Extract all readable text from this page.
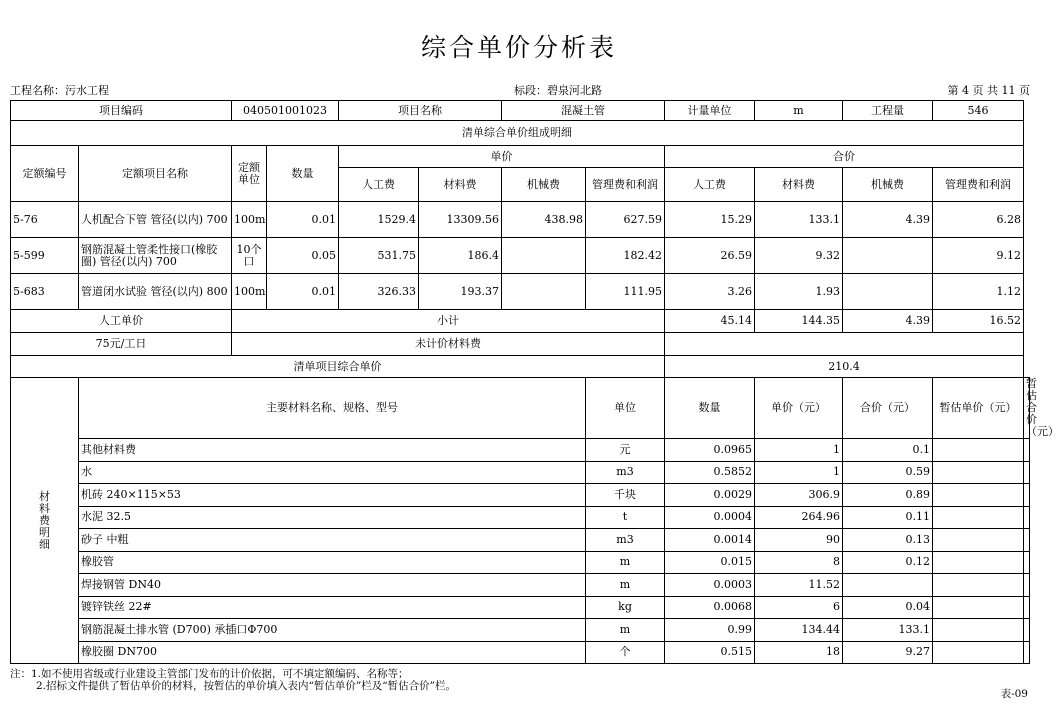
综合单价分析表
工程名称：污水工程	标段：碧泉河北路	第 4 页 共 11 页
项目编码		040501001023		项目名称		混凝土管		计量单位	m	工程量	546	
清单综合单价组成明细												
定额编号	定额项目名称	定额单位	数量	单价				合价				
				人工费	材料费	机械费	管理费和利润	人工费	材料费	机械费	管理费和利润	
5-76	人机配合下管 管径(以内) 700	100m	0.01	1529.4	13309.56	438.98	627.59	15.29	133.1	4.39	6.28	
5-599	钢筋混凝土管柔性接口(橡胶圈) 管径(以内) 700	10个口	0.05	531.75	186.4		182.42	26.59	9.32		9.12	
5-683	管道闭水试验 管径(以内) 800	100m	0.01	326.33	193.37		111.95	3.26	1.93		1.12	
人工单价		小计						45.14	144.35	4.39	16.52	
75元/工日		未计价材料费										
清单项目综合单价								210.4				

材
料
费
明
细	主要材料名称、规格、型号						单位	数量	单价（元）	合价（元）	暂估单价（元）	暂估合价（元）
	其他材料费						元	0.0965	1	0.1		
	水						m3	0.5852	1	0.59		
	机砖 240×115×53						千块	0.0029	306.9	0.89		
	水泥 32.5						t	0.0004	264.96	0.11		
	砂子 中粗						m3	0.0014	90	0.13		
	橡胶管						m	0.015	8	0.12		
	焊接钢管 DN40						m	0.0003	11.52			
	镀锌铁丝 22#						kg	0.0068	6	0.04		
	钢筋混凝土排水管 (D700) 承插口Φ700						m	0.99	134.44	133.1		
	橡胶圈 DN700						个	0.515	18	9.27		
注：1.如不使用省级或行业建设主管部门发布的计价依据，可不填定额编码、名称等；
2.招标文件提供了暂估单价的材料，按暂估的单价填入表内“暂估单价”栏及“暂估合价”栏。
表-09
